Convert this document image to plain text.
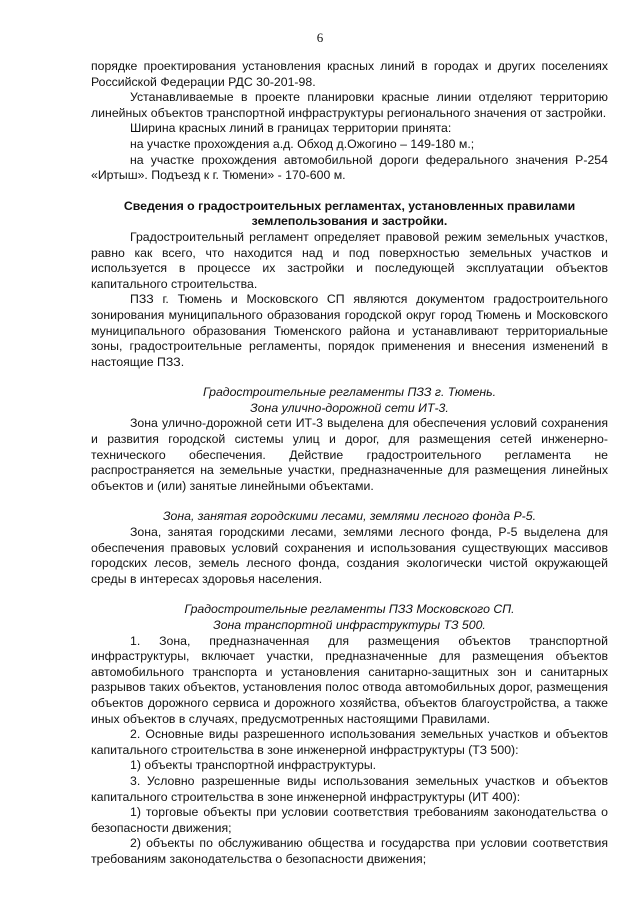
6

порядке проектирования установления красных линий в городах и других поселениях Российской Федерации РДС 30-201-98.

Устанавливаемые в проекте планировки красные линии отделяют территорию линейных объектов транспортной инфраструктуры регионального значения от застройки.

Ширина красных линий в границах территории принята:

на участке прохождения а.д. Обход д.Ожогино – 149-180 м.;

на участке прохождения автомобильной дороги федерального значения Р-254 «Иртыш». Подъезд к г. Тюмени» - 170-600 м.

Сведения о градостроительных регламентах, установленных правилами землепользования и застройки.

Градостроительный регламент определяет правовой режим земельных участков, равно как всего, что находится над и под поверхностью земельных участков и используется в процессе их застройки и последующей эксплуатации объектов капитального строительства.

ПЗЗ г. Тюмень и Московского СП являются документом градостроительного зонирования муниципального образования городской округ город Тюмень и Московского муниципального образования Тюменского района и устанавливают территориальные зоны, градостроительные регламенты, порядок применения и внесения изменений в настоящие ПЗЗ.

Градостроительные регламенты ПЗЗ г. Тюмень.

Зона улично-дорожной сети ИТ-3.

Зона улично-дорожной сети ИТ-3 выделена для обеспечения условий сохранения и развития городской системы улиц и дорог, для размещения сетей инженерно-технического обеспечения. Действие градостроительного регламента не распространяется на земельные участки, предназначенные для размещения линейных объектов и (или) занятые линейными объектами.

Зона, занятая городскими лесами, землями лесного фонда Р-5.

Зона, занятая городскими лесами, землями лесного фонда, Р-5 выделена для обеспечения правовых условий сохранения и использования существующих массивов городских лесов, земель лесного фонда, создания экологически чистой окружающей среды в интересах здоровья населения.

Градостроительные регламенты ПЗЗ Московского СП.

Зона транспортной инфраструктуры ТЗ 500.

1. Зона, предназначенная для размещения объектов транспортной инфраструктуры, включает участки, предназначенные для размещения объектов автомобильного транспорта и установления санитарно-защитных зон и санитарных разрывов таких объектов, установления полос отвода автомобильных дорог, размещения объектов дорожного сервиса и дорожного хозяйства, объектов благоустройства, а также иных объектов в случаях, предусмотренных настоящими Правилами.

2. Основные виды разрешенного использования земельных участков и объектов капитального строительства в зоне инженерной инфраструктуры (ТЗ 500):

1) объекты транспортной инфраструктуры.

3. Условно разрешенные виды использования земельных участков и объектов капитального строительства в зоне инженерной инфраструктуры (ИТ 400):

1) торговые объекты при условии соответствия требованиям законодательства о безопасности движения;

2) объекты по обслуживанию общества и государства при условии соответствия требованиям законодательства о безопасности движения;
